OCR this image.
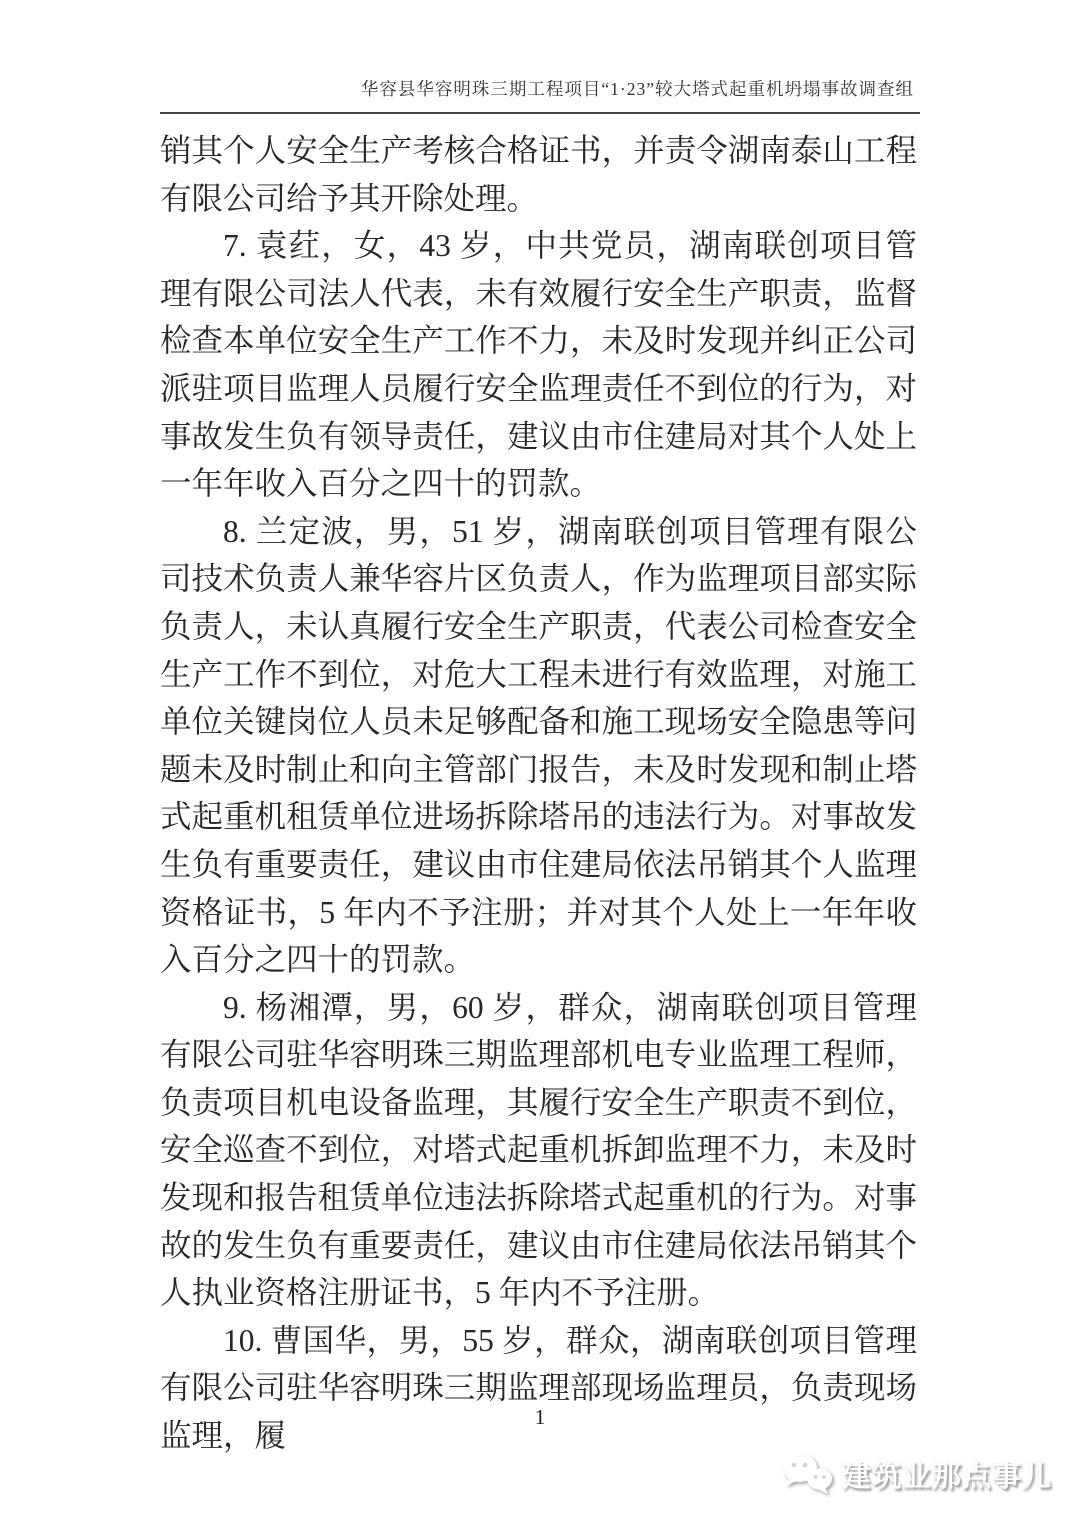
华容县华容明珠三期工程项目“1·23”较大塔式起重机坍塌事故调查组

销其个人安全生产考核合格证书，并责令湖南泰山工程有限公司给予其开除处理。

7. 袁荭，女，43 岁，中共党员，湖南联创项目管理有限公司法人代表，未有效履行安全生产职责，监督检查本单位安全生产工作不力，未及时发现并纠正公司派驻项目监理人员履行安全监理责任不到位的行为，对事故发生负有领导责任，建议由市住建局对其个人处上一年年收入百分之四十的罚款。

8. 兰定波，男，51 岁，湖南联创项目管理有限公司技术负责人兼华容片区负责人，作为监理项目部实际负责人，未认真履行安全生产职责，代表公司检查安全生产工作不到位，对危大工程未进行有效监理，对施工单位关键岗位人员未足够配备和施工现场安全隐患等问题未及时制止和向主管部门报告，未及时发现和制止塔式起重机租赁单位进场拆除塔吊的违法行为。对事故发生负有重要责任，建议由市住建局依法吊销其个人监理资格证书，5 年内不予注册；并对其个人处上一年年收入百分之四十的罚款。

9. 杨湘潭，男，60 岁，群众，湖南联创项目管理有限公司驻华容明珠三期监理部机电专业监理工程师，负责项目机电设备监理，其履行安全生产职责不到位，安全巡查不到位，对塔式起重机拆卸监理不力，未及时发现和报告租赁单位违法拆除塔式起重机的行为。对事故的发生负有重要责任，建议由市住建局依法吊销其个人执业资格注册证书，5 年内不予注册。

10. 曹国华，男，55 岁，群众，湖南联创项目管理有限公司驻华容明珠三期监理部现场监理员，负责现场监理，履

1
建筑业那点事儿
